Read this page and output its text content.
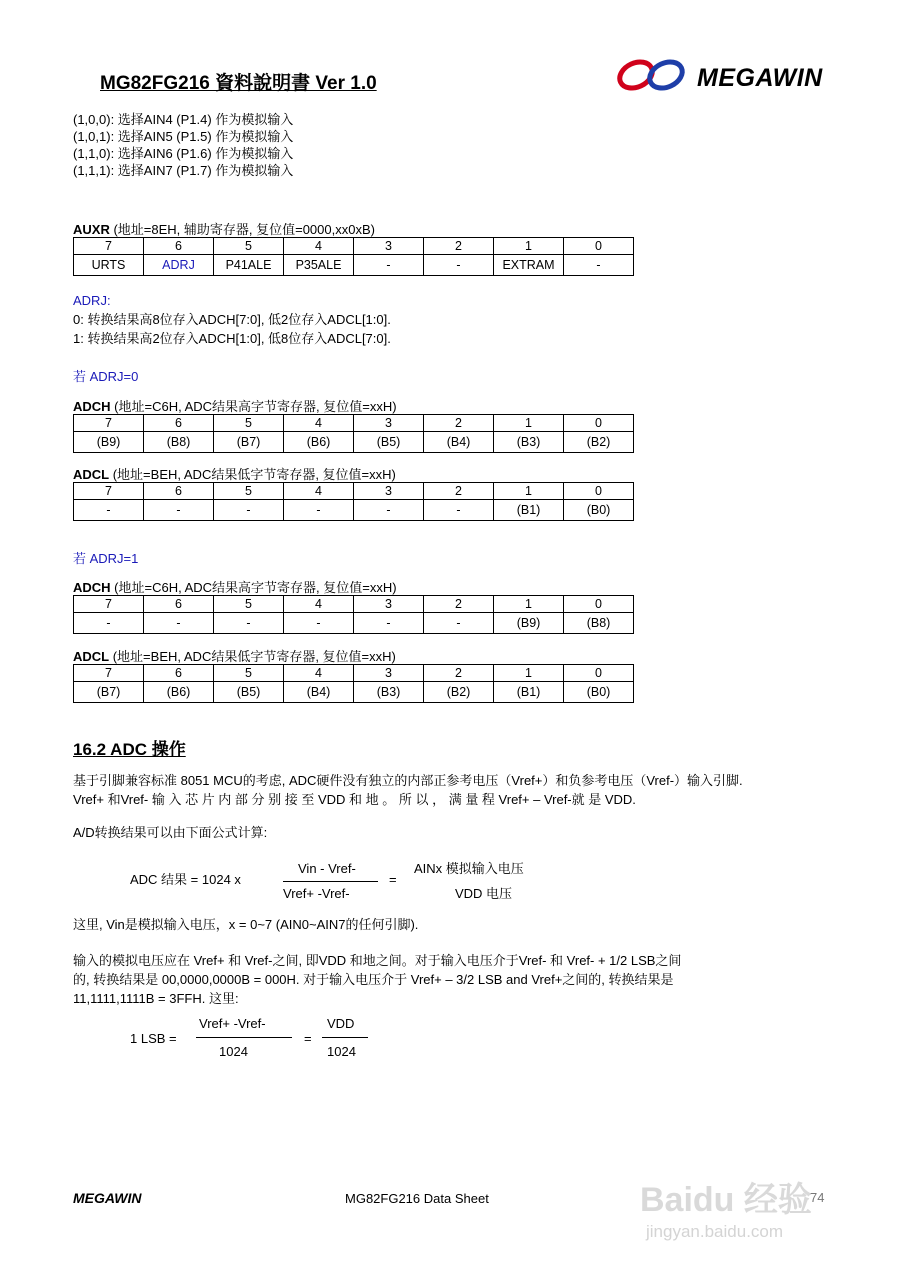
MG82FG216 資料說明書 Ver 1.0	MEGAWIN
(1,0,0): 选择AIN4 (P1.4) 作为模拟输入
(1,0,1): 选择AIN5 (P1.5) 作为模拟输入
(1,1,0): 选择AIN6 (P1.6) 作为模拟输入
(1,1,1): 选择AIN7 (P1.7) 作为模拟输入
AUXR (地址=8EH, 辅助寄存器, 复位值=0000,xx0xB)
7	6	5	4	3	2	1	0
URTS	ADRJ	P41ALE	P35ALE	-	-	EXTRAM	-
ADRJ:
0: 转换结果高8位存入ADCH[7:0], 低2位存入ADCL[1:0].
1: 转换结果高2位存入ADCH[1:0], 低8位存入ADCL[7:0].
若 ADRJ=0
ADCH (地址=C6H, ADC结果高字节寄存器, 复位值=xxH)
7	6	5	4	3	2	1	0
(B9)	(B8)	(B7)	(B6)	(B5)	(B4)	(B3)	(B2)
ADCL (地址=BEH, ADC结果低字节寄存器, 复位值=xxH)
7	6	5	4	3	2	1	0
-	-	-	-	-	-	(B1)	(B0)
若 ADRJ=1
ADCH (地址=C6H, ADC结果高字节寄存器, 复位值=xxH)
7	6	5	4	3	2	1	0
-	-	-	-	-	-	(B9)	(B8)
ADCL (地址=BEH, ADC结果低字节寄存器, 复位值=xxH)
7	6	5	4	3	2	1	0
(B7)	(B6)	(B5)	(B4)	(B3)	(B2)	(B1)	(B0)
16.2 ADC 操作
基于引脚兼容标准 8051 MCU的考虑, ADC硬件没有独立的内部正参考电压（Vref+）和负参考电压（Vref-）输入引脚.
Vref+ 和Vref- 输 入 芯 片 内 部 分 别 接 至 VDD 和 地 。 所 以 ， 满 量 程 Vref+ – Vref-就 是 VDD.
A/D转换结果可以由下面公式计算:
ADC 结果 = 1024 x
Vin - Vref-
Vref+ -Vref-
=
AINx 模拟输入电压
VDD 电压
这里, Vin是模拟输入电压，x = 0~7 (AIN0~AIN7的任何引脚).
输入的模拟电压应在 Vref+ 和 Vref-之间, 即VDD 和地之间。对于输入电压介于Vref- 和 Vref- + 1/2 LSB之间
的, 转换结果是 00,0000,0000B = 000H. 对于输入电压介于 Vref+ – 3/2 LSB and Vref+之间的, 转换结果是
11,1111,1111B = 3FFH. 这里:
1 LSB =
Vref+ -Vref-
1024
=
VDD
1024
MEGAWIN	MG82FG216 Data Sheet	Baidu 经验
74
jingyan.baidu.com
